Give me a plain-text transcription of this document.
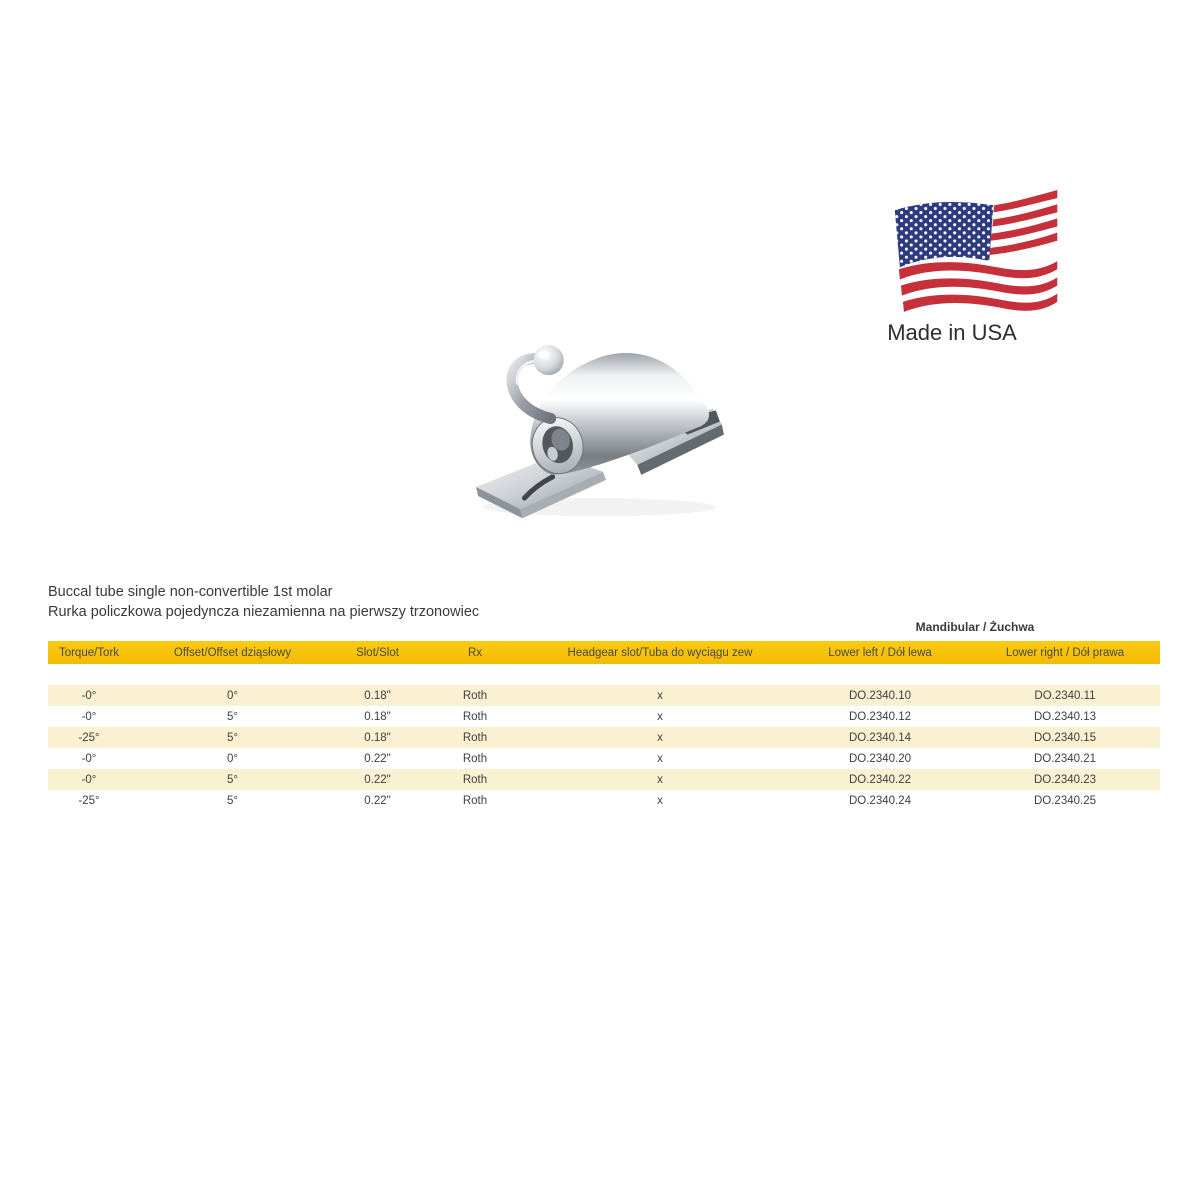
Made in USA
Buccal tube single non-convertible 1st molar
Rurka policzkowa pojedyncza niezamienna na pierwszy trzonowiec
Mandibular / Żuchwa
Torque/Tork	Offset/Offset dziąsłowy	Slot/Slot	Rx	Headgear slot/Tuba do wyciągu zew	Lower left / Dół lewa	Lower right / Dół prawa
-0°	0°	0.18"	Roth	x	DO.2340.10	DO.2340.11
-0°	5°	0.18"	Roth	x	DO.2340.12	DO.2340.13
-25°	5°	0.18"	Roth	x	DO.2340.14	DO.2340.15
-0°	0°	0.22"	Roth	x	DO.2340.20	DO.2340.21
-0°	5°	0.22"	Roth	x	DO.2340.22	DO.2340.23
-25°	5°	0.22"	Roth	x	DO.2340.24	DO.2340.25
